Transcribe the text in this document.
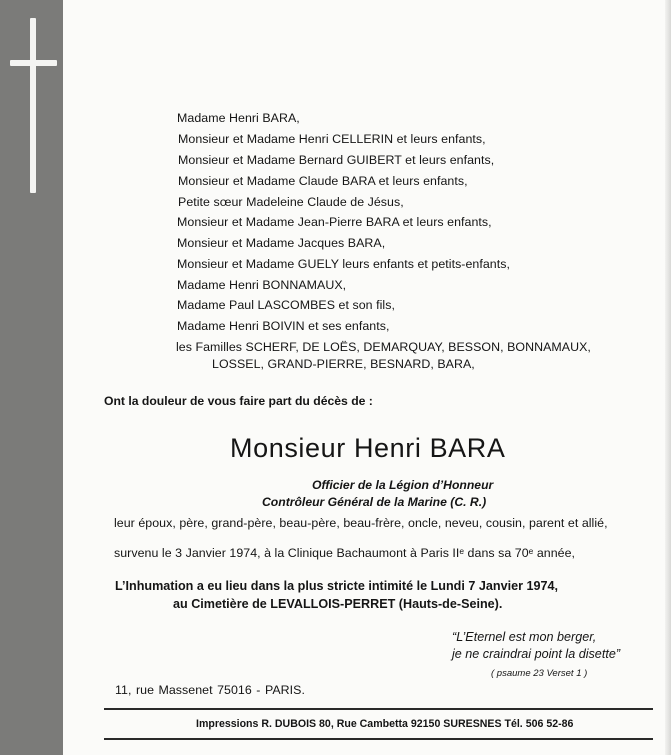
Madame Henri BARA,
Monsieur et Madame Henri CELLERIN et leurs enfants,
Monsieur et Madame Bernard GUIBERT et leurs enfants,
Monsieur et Madame Claude BARA et leurs enfants,
Petite sœur Madeleine Claude de Jésus,
Monsieur et Madame Jean-Pierre BARA et leurs enfants,
Monsieur et Madame Jacques BARA,
Monsieur et Madame GUELY leurs enfants et petits-enfants,
Madame Henri BONNAMAUX,
Madame Paul LASCOMBES et son fils,
Madame Henri BOIVIN et ses enfants,
les Familles SCHERF, DE LOËS, DEMARQUAY, BESSON, BONNAMAUX,
LOSSEL, GRAND-PIERRE, BESNARD, BARA,
Ont la douleur de vous faire part du décès de :
Monsieur Henri BARA
Officier de la Légion d’Honneur
Contrôleur Général de la Marine (C. R.)
leur époux, père, grand-père, beau-père, beau-frère, oncle, neveu, cousin, parent et allié,
survenu le 3 Janvier 1974, à la Clinique Bachaumont à Paris IIᵉ dans sa 70ᵉ année,
L’Inhumation a eu lieu dans la plus stricte intimité le Lundi 7 Janvier 1974,
au Cimetière de LEVALLOIS-PERRET (Hauts-de-Seine).
“L’Eternel est mon berger,
je ne craindrai point la disette”
( psaume 23 Verset 1 )
11, rue Massenet 75016 - PARIS.
Impressions R. DUBOIS 80, Rue Cambetta 92150 SURESNES Tél. 506 52-86
